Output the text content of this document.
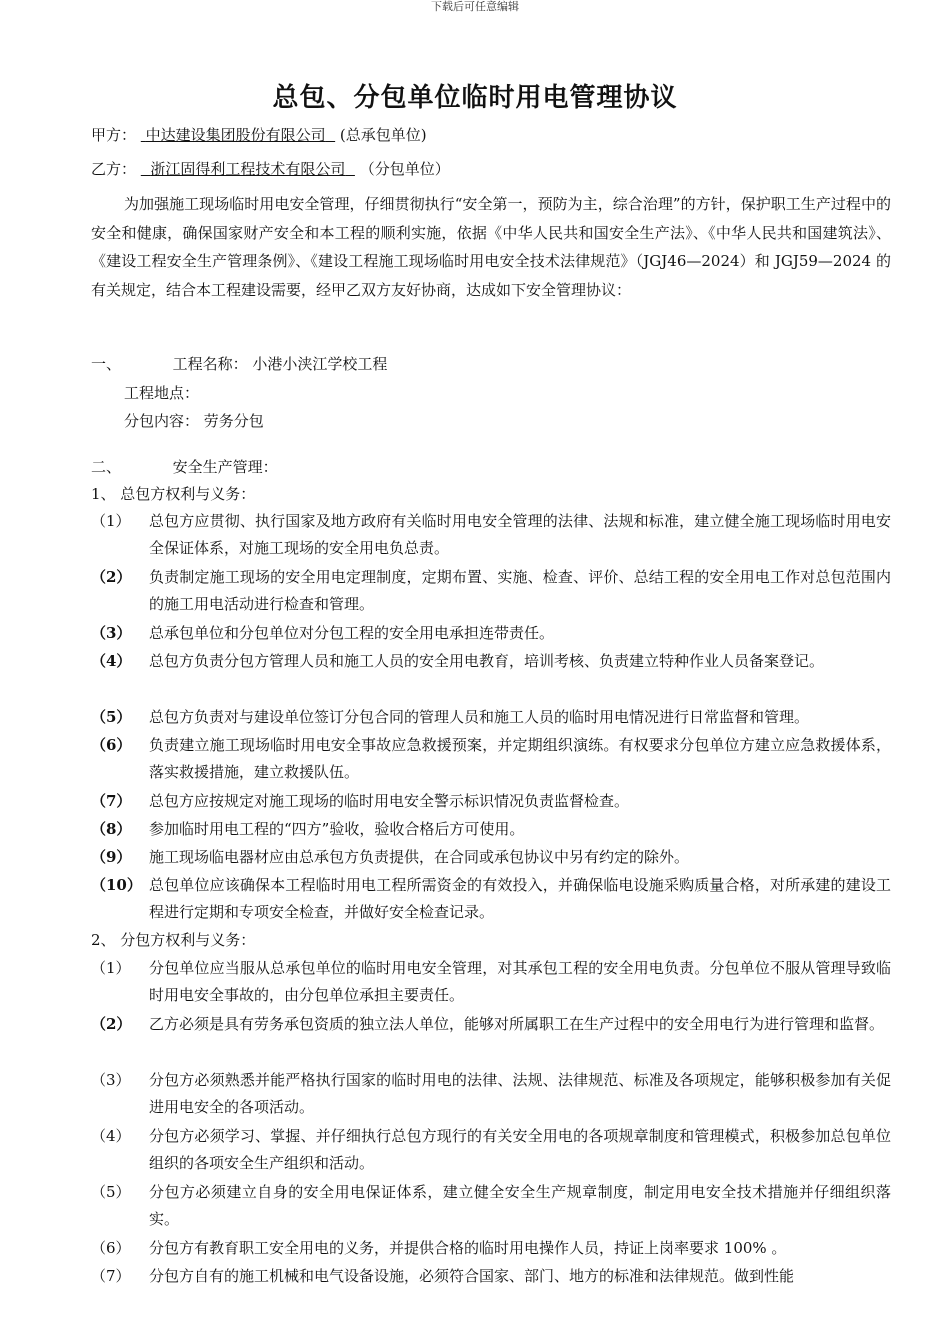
下载后可任意编辑
总包、分包单位临时用电管理协议
甲方： 中达建设集团股份有限公司 (总承包单位)
乙方： 浙江固得利工程技术有限公司 （分包单位）
为加强施工现场临时用电安全管理，仔细贯彻执行“安全第一，预防为主，综合治理”的方针，保护职工生产过程中的安全和健康，确保国家财产安全和本工程的顺利实施，依据《中华人民共和国安全生产法》、《中华人民共和国建筑法》、《建设工程安全生产管理条例》、《建设工程施工现场临时用电安全技术法律规范》（JGJ46—2024）和 JGJ59—2024 的有关规定，结合本工程建设需要，经甲乙双方友好协商，达成如下安全管理协议：
一、	工程名称： 小港小浃江学校工程
工程地点：
分包内容： 劳务分包
二、	安全生产管理：
1、 总包方权利与义务：
（1）	总包方应贯彻、执行国家及地方政府有关临时用电安全管理的法律、法规和标准，建立健全施工现场临时用电安全保证体系，对施工现场的安全用电负总责。
（2）	负责制定施工现场的安全用电定理制度，定期布置、实施、检查、评价、总结工程的安全用电工作对总包范围内的施工用电活动进行检查和管理。
（3）	总承包单位和分包单位对分包工程的安全用电承担连带责任。
（4）	总包方负责分包方管理人员和施工人员的安全用电教育，培训考核、负责建立特种作业人员备案登记。
（5）	总包方负责对与建设单位签订分包合同的管理人员和施工人员的临时用电情况进行日常监督和管理。
（6）	负责建立施工现场临时用电安全事故应急救援预案，并定期组织演练。有权要求分包单位方建立应急救援体系，落实救援措施，建立救援队伍。
（7）	总包方应按规定对施工现场的临时用电安全警示标识情况负责监督检查。
（8）	参加临时用电工程的“四方”验收，验收合格后方可使用。
（9）	施工现场临电器材应由总承包方负责提供，在合同或承包协议中另有约定的除外。
（10） 总包单位应该确保本工程临时用电工程所需资金的有效投入，并确保临电设施采购质量合格，对所承建的建设工程进行定期和专项安全检查，并做好安全检查记录。
2、 分包方权利与义务：
（1）	分包单位应当服从总承包单位的临时用电安全管理，对其承包工程的安全用电负责。分包单位不服从管理导致临时用电安全事故的，由分包单位承担主要责任。
（2）	乙方必须是具有劳务承包资质的独立法人单位，能够对所属职工在生产过程中的安全用电行为进行管理和监督。
（3）	分包方必须熟悉并能严格执行国家的临时用电的法律、法规、法律规范、标准及各项规定，能够积极参加有关促进用电安全的各项活动。
（4）	分包方必须学习、掌握、并仔细执行总包方现行的有关安全用电的各项规章制度和管理模式，积极参加总包单位组织的各项安全生产组织和活动。
（5）	分包方必须建立自身的安全用电保证体系，建立健全安全生产规章制度，制定用电安全技术措施并仔细组织落实。
（6）	分包方有教育职工安全用电的义务，并提供合格的临时用电操作人员，持证上岗率要求 100% 。
（7）	分包方自有的施工机械和电气设备设施，必须符合国家、部门、地方的标准和法律规范。做到性能
